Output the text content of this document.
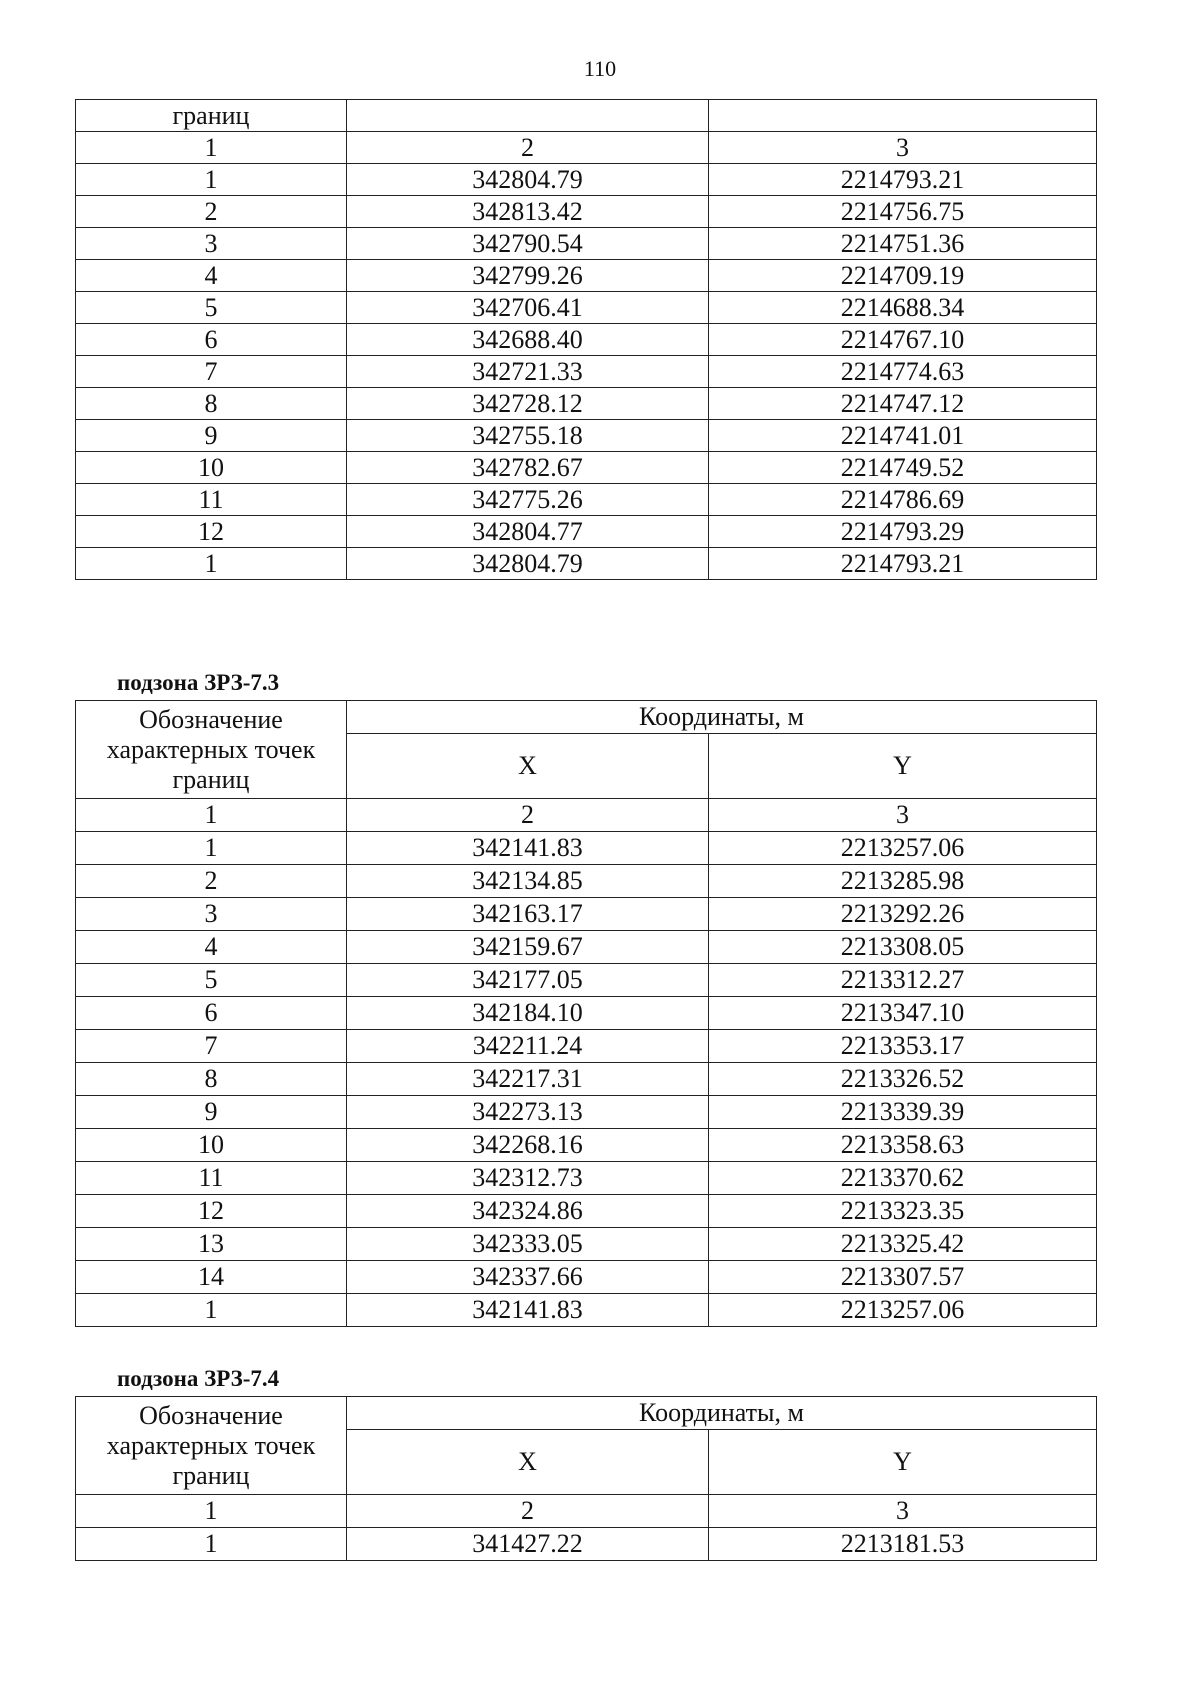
110
границ		
1	2	3
1	342804.79	2214793.21
2	342813.42	2214756.75
3	342790.54	2214751.36
4	342799.26	2214709.19
5	342706.41	2214688.34
6	342688.40	2214767.10
7	342721.33	2214774.63
8	342728.12	2214747.12
9	342755.18	2214741.01
10	342782.67	2214749.52
11	342775.26	2214786.69
12	342804.77	2214793.29
1	342804.79	2214793.21
подзона ЗРЗ-7.3
Обозначение характерных точек границ	Координаты, м	
	X	Y
1	2	3
1	342141.83	2213257.06
2	342134.85	2213285.98
3	342163.17	2213292.26
4	342159.67	2213308.05
5	342177.05	2213312.27
6	342184.10	2213347.10
7	342211.24	2213353.17
8	342217.31	2213326.52
9	342273.13	2213339.39
10	342268.16	2213358.63
11	342312.73	2213370.62
12	342324.86	2213323.35
13	342333.05	2213325.42
14	342337.66	2213307.57
1	342141.83	2213257.06
подзона ЗРЗ-7.4
Обозначение характерных точек границ	Координаты, м	
	X	Y
1	2	3
1	341427.22	2213181.53
